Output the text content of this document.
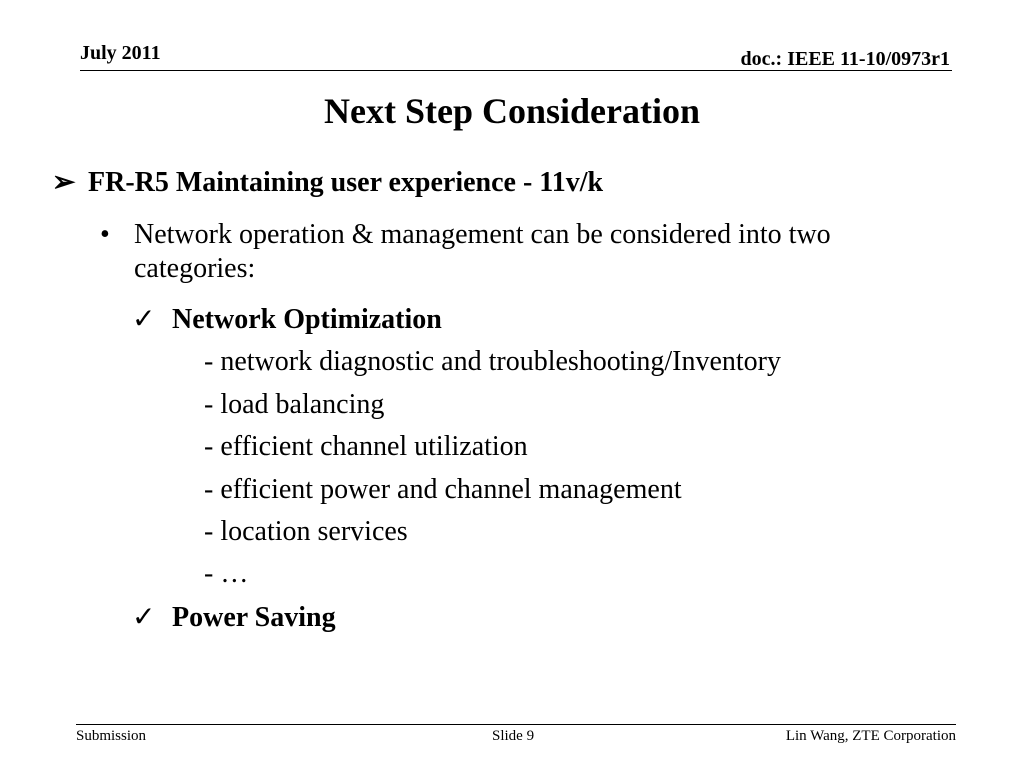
July 2011	doc.: IEEE 11-10/0973r1
Next Step Consideration
➢ FR-R5 Maintaining user experience - 11v/k
• Network operation & management can be considered into two categories:
✓ Network Optimization
- network diagnostic and troubleshooting/Inventory
- load balancing
- efficient channel utilization
- efficient power and channel management
- location services
- …
✓ Power Saving
Submission	Slide 9	Lin Wang, ZTE Corporation
